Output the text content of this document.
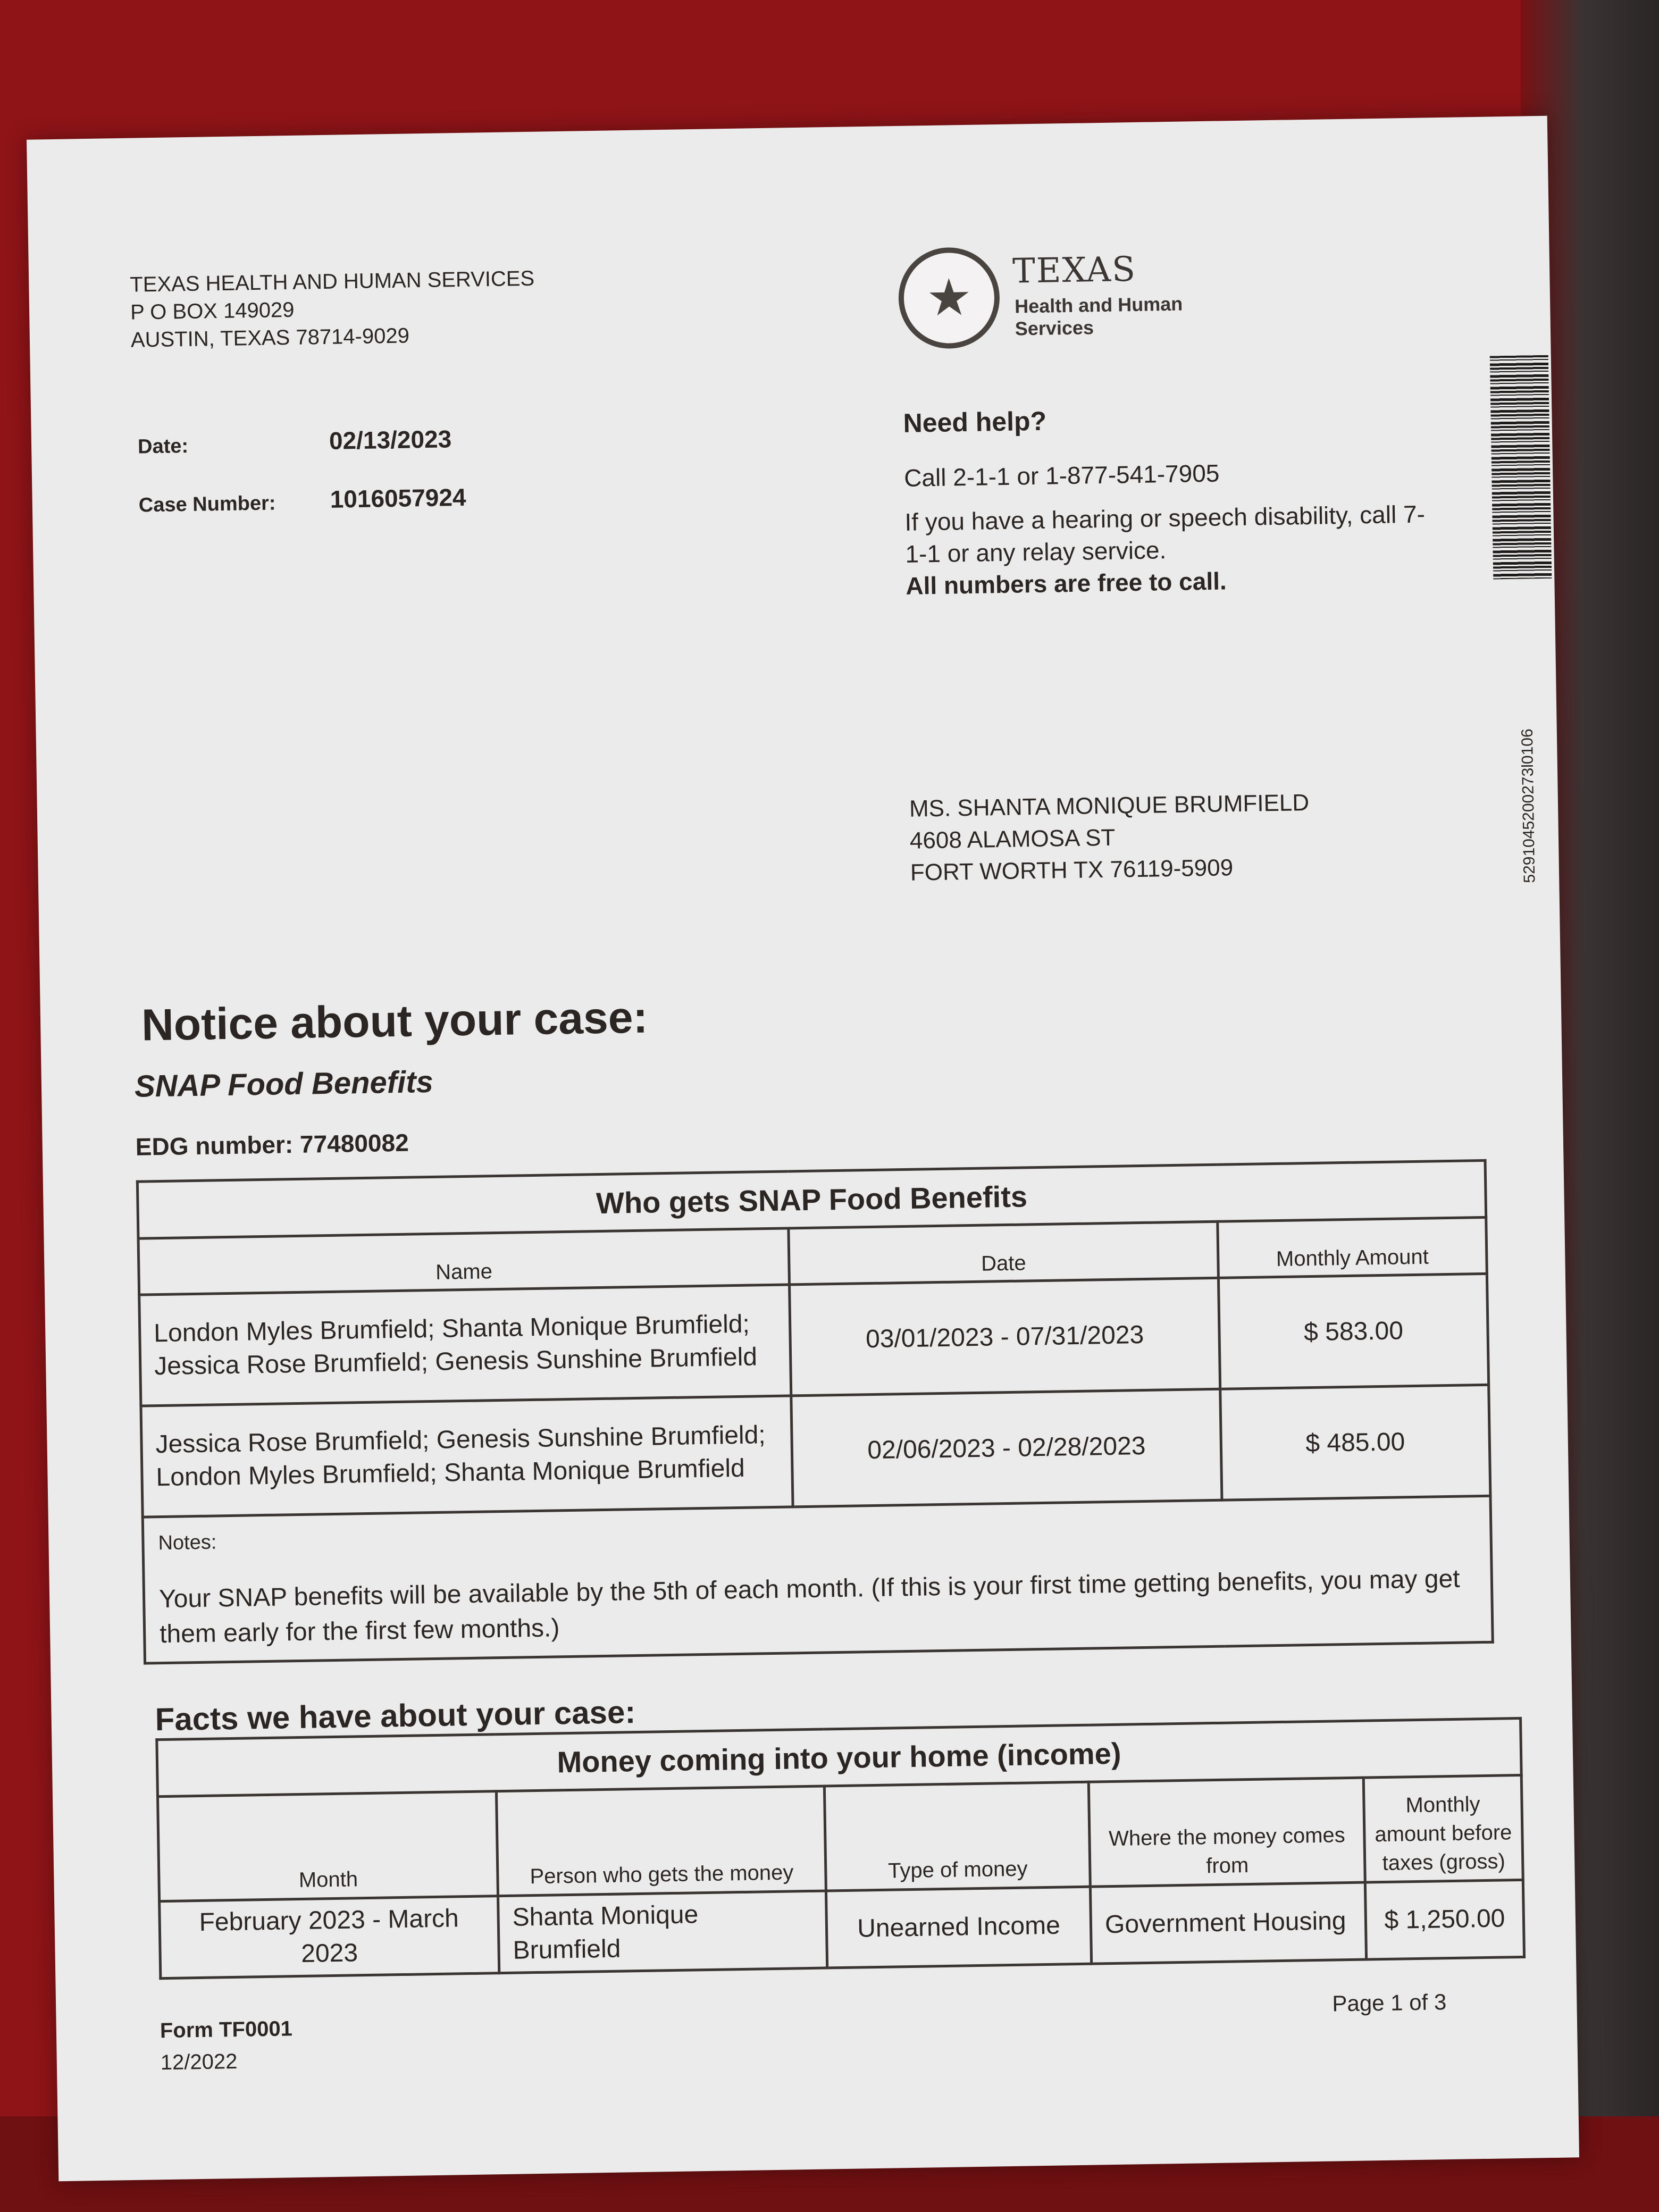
TEXAS HEALTH AND HUMAN SERVICES
P O BOX 149029
AUSTIN, TEXAS 78714-9029
★ TEXAS
Health and Human
Services
5291045200273l0106
Date:	02/13/2023
Case Number: 1016057924
Need help?
Call 2-1-1 or 1-877-541-7905
If you have a hearing or speech disability, call 7-1-1 or any relay service.
All numbers are free to call.
MS. SHANTA MONIQUE BRUMFIELD
4608 ALAMOSA ST
FORT WORTH TX 76119-5909
Notice about your case:
SNAP Food Benefits
EDG number: 77480082
Who gets SNAP Food Benefits		
Name	Date	Monthly Amount
London Myles Brumfield; Shanta Monique Brumfield; Jessica Rose Brumfield; Genesis Sunshine Brumfield	03/01/2023 - 07/31/2023	$ 583.00
Jessica Rose Brumfield; Genesis Sunshine Brumfield; London Myles Brumfield; Shanta Monique Brumfield	02/06/2023 - 02/28/2023	$ 485.00

Notes:
Your SNAP benefits will be available by the 5th of each month. (If this is your first time getting benefits, you may get them early for the first few months.)		
Facts we have about your case:
Money coming into your home (income)				
Month	Person who gets the money	Type of money	Where the money comes from	Monthly amount before taxes (gross)
February 2023 - March 2023	Shanta Monique Brumfield	Unearned Income	Government Housing	$ 1,250.00
Form TF0001
12/2022
Page 1 of 3
